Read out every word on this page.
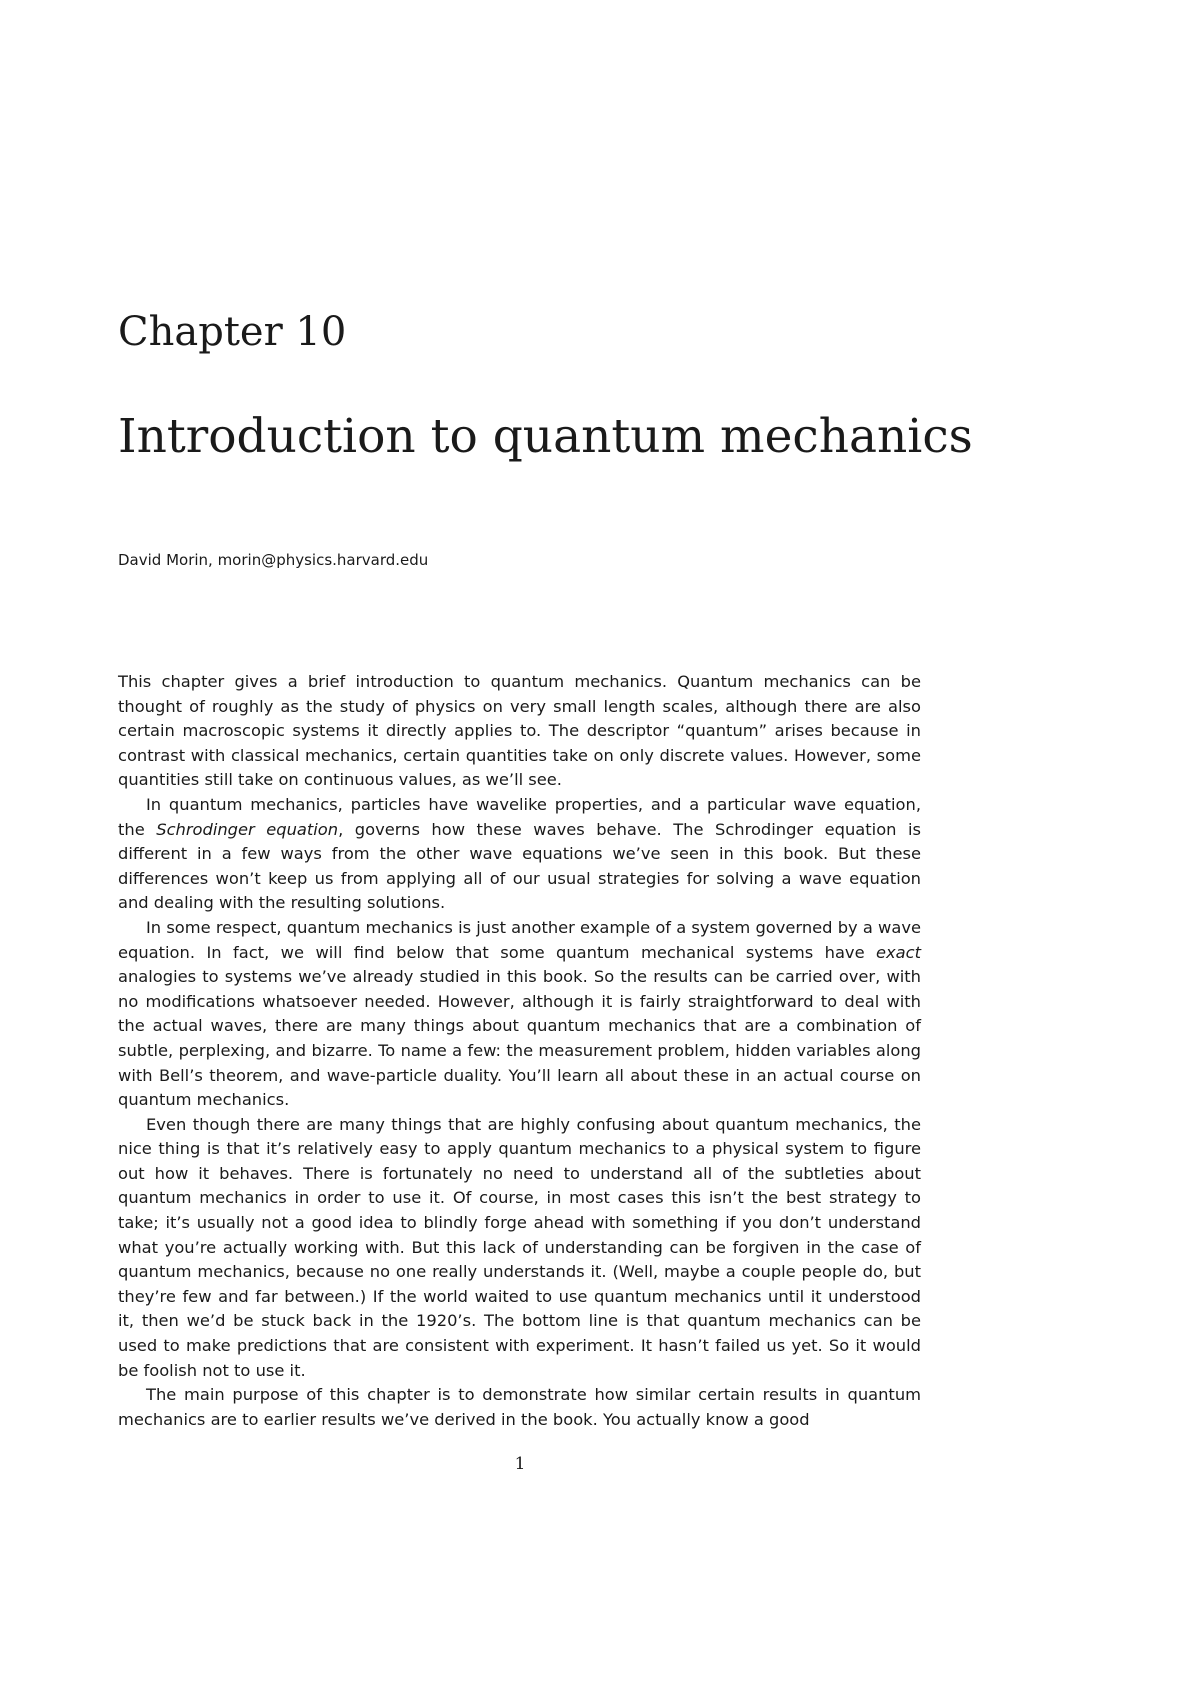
Chapter 10
Introduction to quantum mechanics

David Morin, morin@physics.harvard.edu

This chapter gives a brief introduction to quantum mechanics. Quantum mechanics can be thought of roughly as the study of physics on very small length scales, although there are also certain macroscopic systems it directly applies to. The descriptor “quantum” arises because in contrast with classical mechanics, certain quantities take on only discrete values. However, some quantities still take on continuous values, as we’ll see.

In quantum mechanics, particles have wavelike properties, and a particular wave equation, the Schrodinger equation, governs how these waves behave. The Schrodinger equation is different in a few ways from the other wave equations we’ve seen in this book. But these differences won’t keep us from applying all of our usual strategies for solving a wave equation and dealing with the resulting solutions.

In some respect, quantum mechanics is just another example of a system governed by a wave equation. In fact, we will find below that some quantum mechanical systems have exact analogies to systems we’ve already studied in this book. So the results can be carried over, with no modifications whatsoever needed. However, although it is fairly straightforward to deal with the actual waves, there are many things about quantum mechanics that are a combination of subtle, perplexing, and bizarre. To name a few: the measurement problem, hidden variables along with Bell’s theorem, and wave-particle duality. You’ll learn all about these in an actual course on quantum mechanics.

Even though there are many things that are highly confusing about quantum mechanics, the nice thing is that it’s relatively easy to apply quantum mechanics to a physical system to figure out how it behaves. There is fortunately no need to understand all of the subtleties about quantum mechanics in order to use it. Of course, in most cases this isn’t the best strategy to take; it’s usually not a good idea to blindly forge ahead with something if you don’t understand what you’re actually working with. But this lack of understanding can be forgiven in the case of quantum mechanics, because no one really understands it. (Well, maybe a couple people do, but they’re few and far between.) If the world waited to use quantum mechanics until it understood it, then we’d be stuck back in the 1920’s. The bottom line is that quantum mechanics can be used to make predictions that are consistent with experiment. It hasn’t failed us yet. So it would be foolish not to use it.

The main purpose of this chapter is to demonstrate how similar certain results in quantum mechanics are to earlier results we’ve derived in the book. You actually know a good

1
